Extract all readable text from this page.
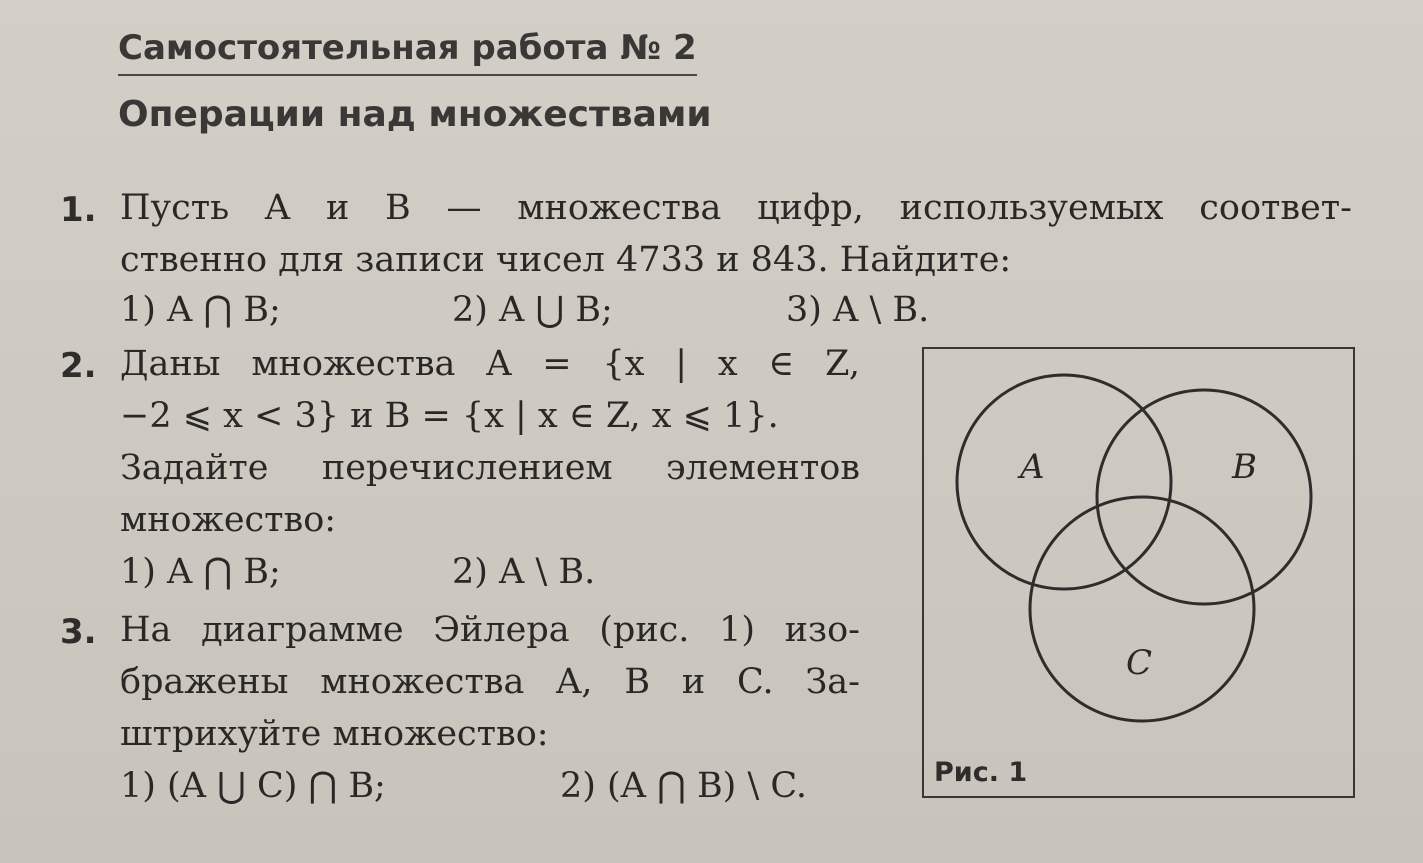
Самостоятельная работа № 2
Операции над множествами
1. Пусть A и B — множества цифр, используемых соответ-
ственно для записи чисел 4733 и 843. Найдите:
1) A ⋂ B;	2) A ⋃ B;	3) A \ B.
2. Даны множества A = {x | x ∈ Z,
−2 ⩽ x < 3} и B = {x | x ∈ Z, x ⩽ 1}.
Задайте перечислением элементов
множество:
1) A ⋂ B;	2) A \ B.
3. На диаграмме Эйлера (рис. 1) изо-
бражены множества A, B и C. За-
штрихуйте множество:
1) (A ⋃ C) ⋂ B;	2) (A ⋂ B) \ C.
A	B
C
Рис. 1
